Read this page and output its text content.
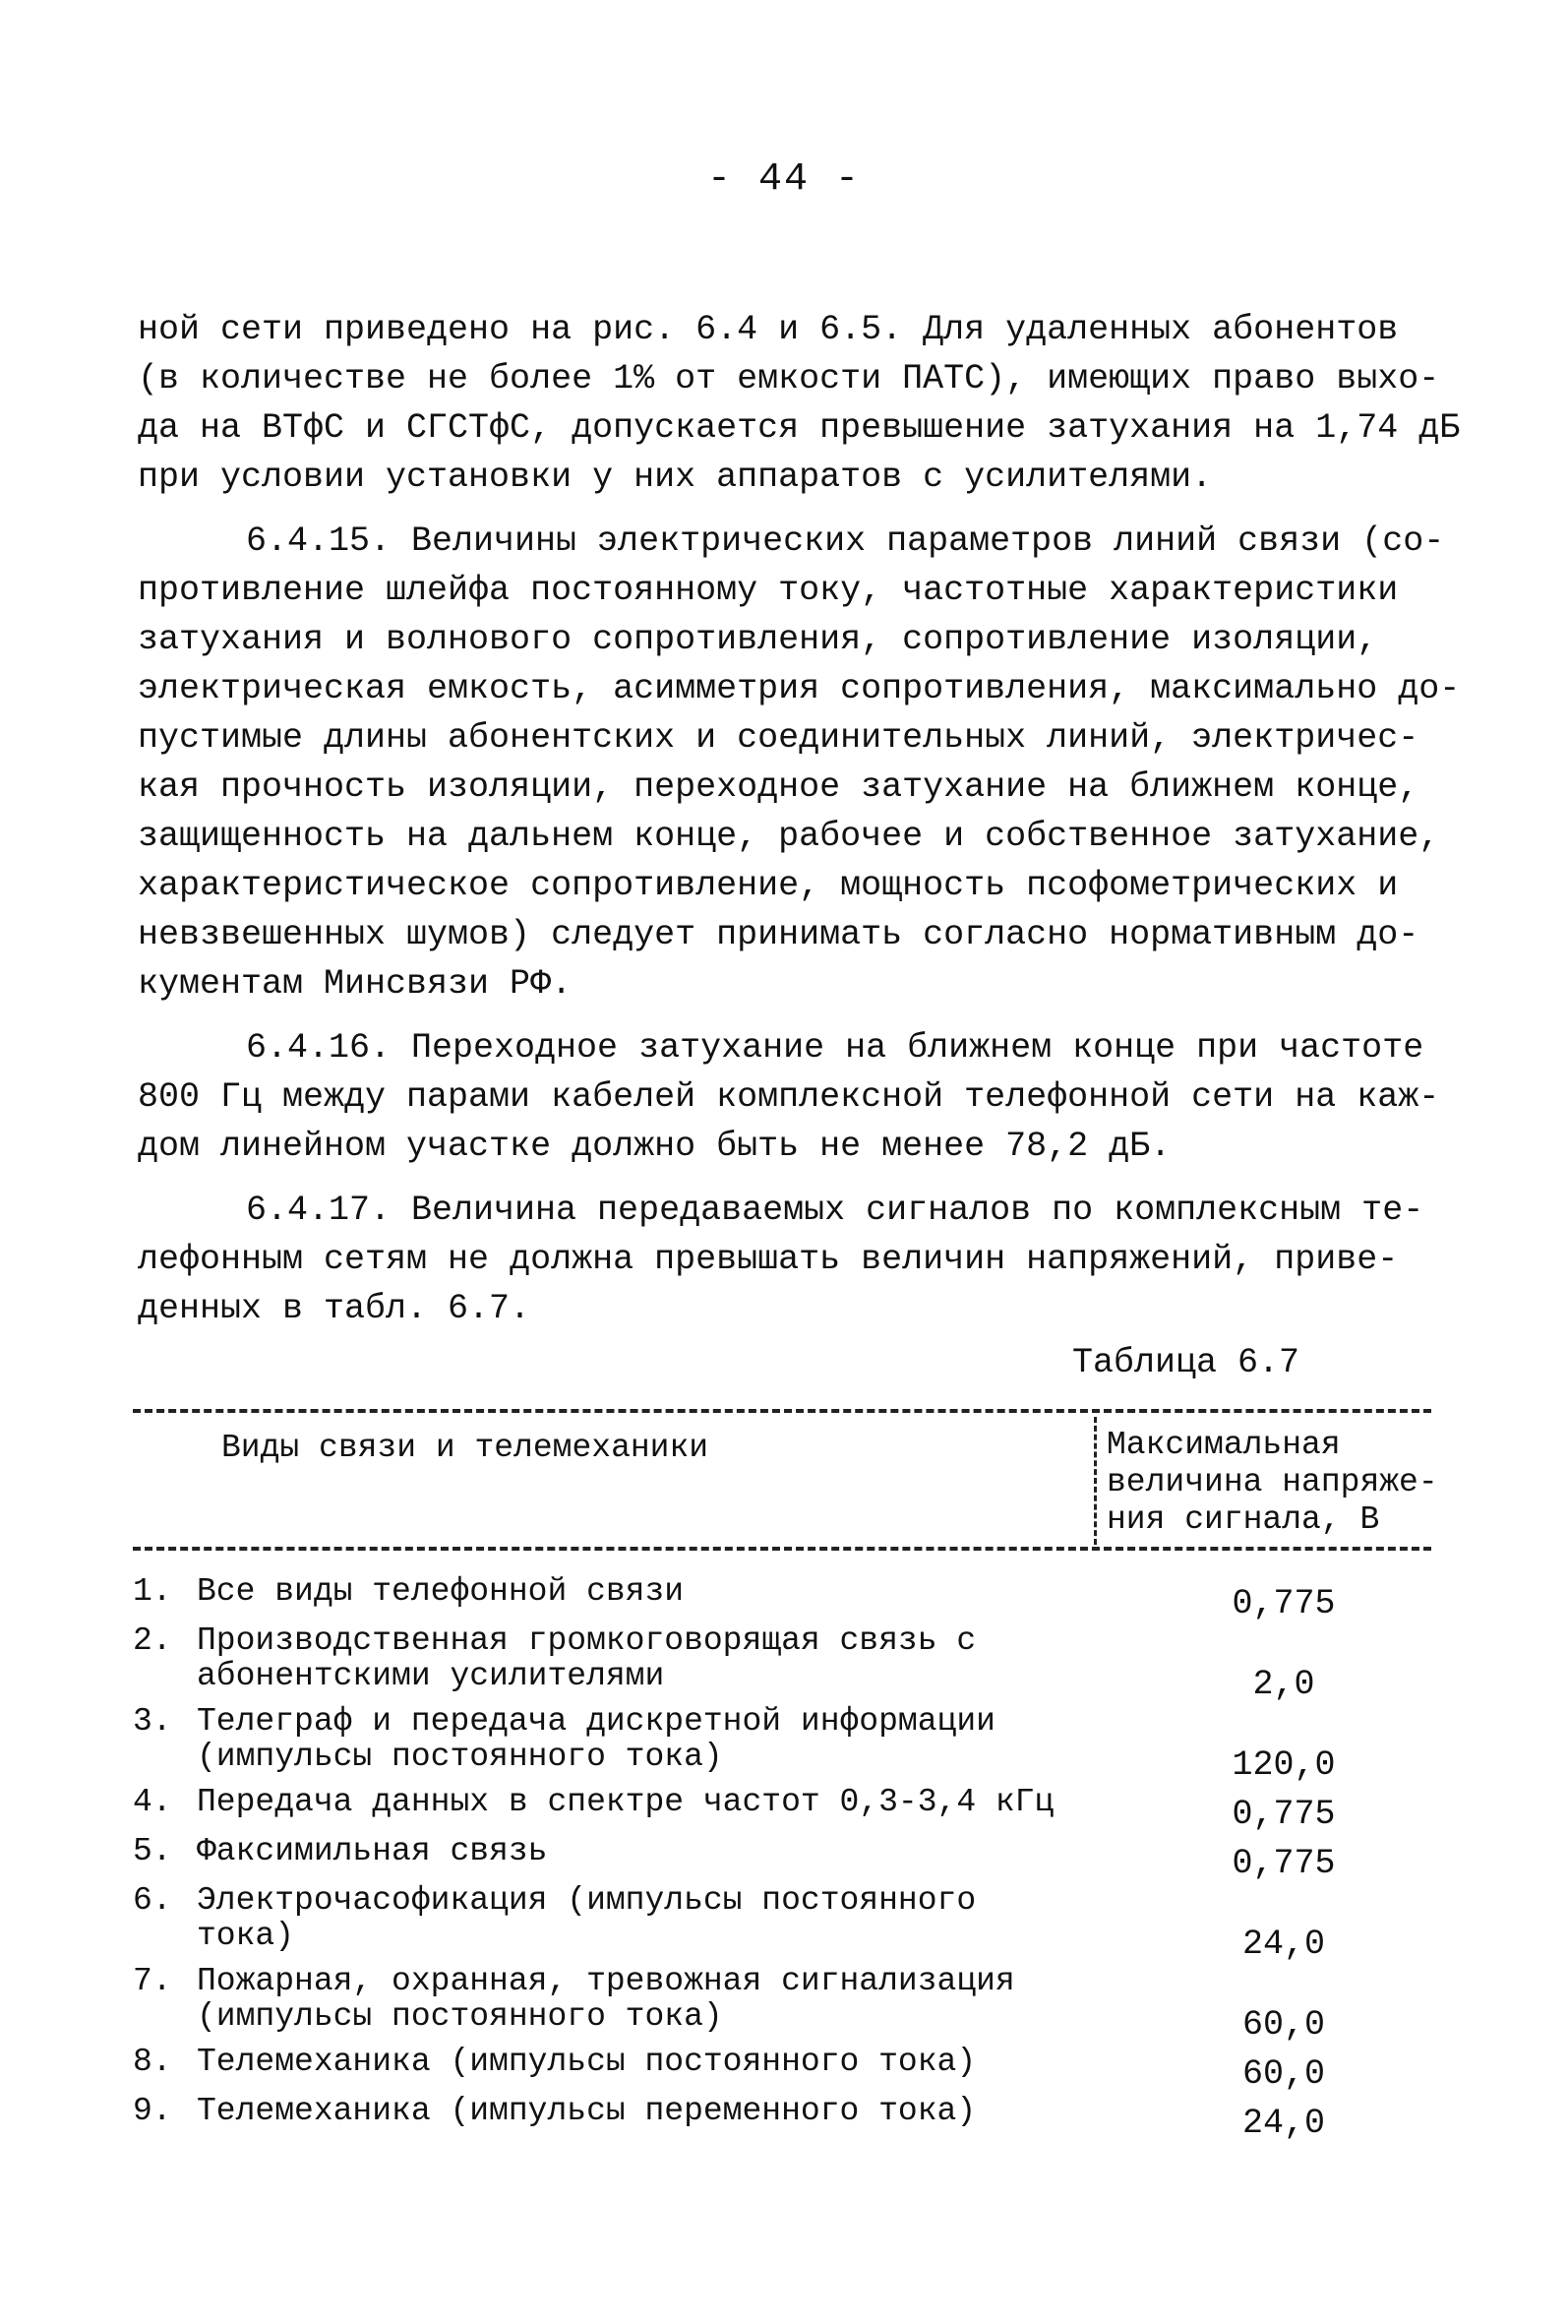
- 44 -
ной сети приведено на рис. 6.4 и 6.5. Для удаленных абонентов
(в количестве не более 1% от емкости ПАТС), имеющих право выхо-
да на ВТфС и СГСТфС, допускается превышение затухания на 1,74 дБ
при условии установки у них аппаратов с усилителями.
6.4.15. Величины электрических параметров линий связи (со-
противление шлейфа постоянному току, частотные характеристики
затухания и волнового сопротивления, сопротивление изоляции,
электрическая емкость, асимметрия сопротивления, максимально до-
пустимые длины абонентских и соединительных линий, электричес-
кая прочность изоляции, переходное затухание на ближнем конце,
защищенность на дальнем конце, рабочее и собственное затухание,
характеристическое сопротивление, мощность псофометрических и
невзвешенных шумов) следует принимать согласно нормативным до-
кументам Минсвязи РФ.
6.4.16. Переходное затухание на ближнем конце при частоте
800 Гц между парами кабелей комплексной телефонной сети на каж-
дом линейном участке должно быть не менее 78,2 дБ.
6.4.17. Величина передаваемых сигналов по комплексным те-
лефонным сетям не должна превышать величин напряжений, приве-
денных в табл. 6.7.
Таблица 6.7
Виды связи и телемеханики	Максимальная
величина напряже-
ния сигнала, В
1. Все виды телефонной связи	0,775
2. Производственная громкоговорящая связь с
абонентскими усилителями	2,0
3. Телеграф и передача дискретной информации
(импульсы постоянного тока)	120,0
4. Передача данных в спектре частот 0,3-3,4 кГц	0,775
5. Факсимильная связь	0,775
6. Электрочасофикация (импульсы постоянного
тока)	24,0
7. Пожарная, охранная, тревожная сигнализация
(импульсы постоянного тока)	60,0
8. Телемеханика (импульсы постоянного тока)	60,0
9. Телемеханика (импульсы переменного тока)	24,0
